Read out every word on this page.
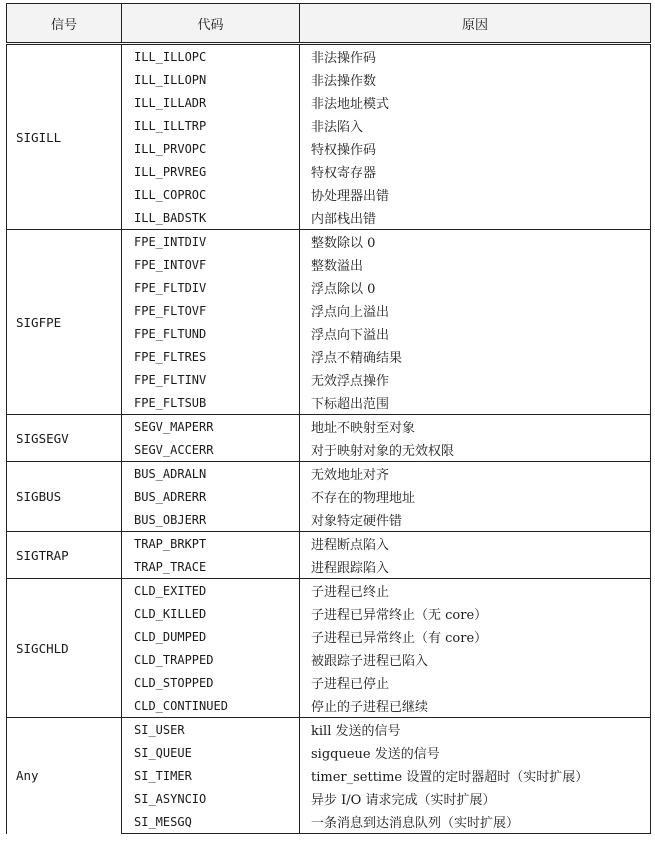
信号	代码	原因
SIGILL	ILL_ILLOPC	非法操作码
	ILL_ILLOPN	非法操作数
	ILL_ILLADR	非法地址模式
	ILL_ILLTRP	非法陷入
	ILL_PRVOPC	特权操作码
	ILL_PRVREG	特权寄存器
	ILL_COPROC	协处理器出错
	ILL_BADSTK	内部栈出错
SIGFPE	FPE_INTDIV	整数除以 0
	FPE_INTOVF	整数溢出
	FPE_FLTDIV	浮点除以 0
	FPE_FLTOVF	浮点向上溢出
	FPE_FLTUND	浮点向下溢出
	FPE_FLTRES	浮点不精确结果
	FPE_FLTINV	无效浮点操作
	FPE_FLTSUB	下标超出范围
SIGSEGV	SEGV_MAPERR	地址不映射至对象
	SEGV_ACCERR	对于映射对象的无效权限
SIGBUS	BUS_ADRALN	无效地址对齐
	BUS_ADRERR	不存在的物理地址
	BUS_OBJERR	对象特定硬件错
SIGTRAP	TRAP_BRKPT	进程断点陷入
	TRAP_TRACE	进程跟踪陷入
SIGCHLD	CLD_EXITED	子进程已终止
	CLD_KILLED	子进程已异常终止（无 core）
	CLD_DUMPED	子进程已异常终止（有 core）
	CLD_TRAPPED	被跟踪子进程已陷入
	CLD_STOPPED	子进程已停止
	CLD_CONTINUED	停止的子进程已继续
Any	SI_USER	kill 发送的信号
	SI_QUEUE	sigqueue 发送的信号
	SI_TIMER	timer_settime 设置的定时器超时（实时扩展）
	SI_ASYNCIO	异步 I/O 请求完成（实时扩展）
	SI_MESGQ	一条消息到达消息队列（实时扩展）
